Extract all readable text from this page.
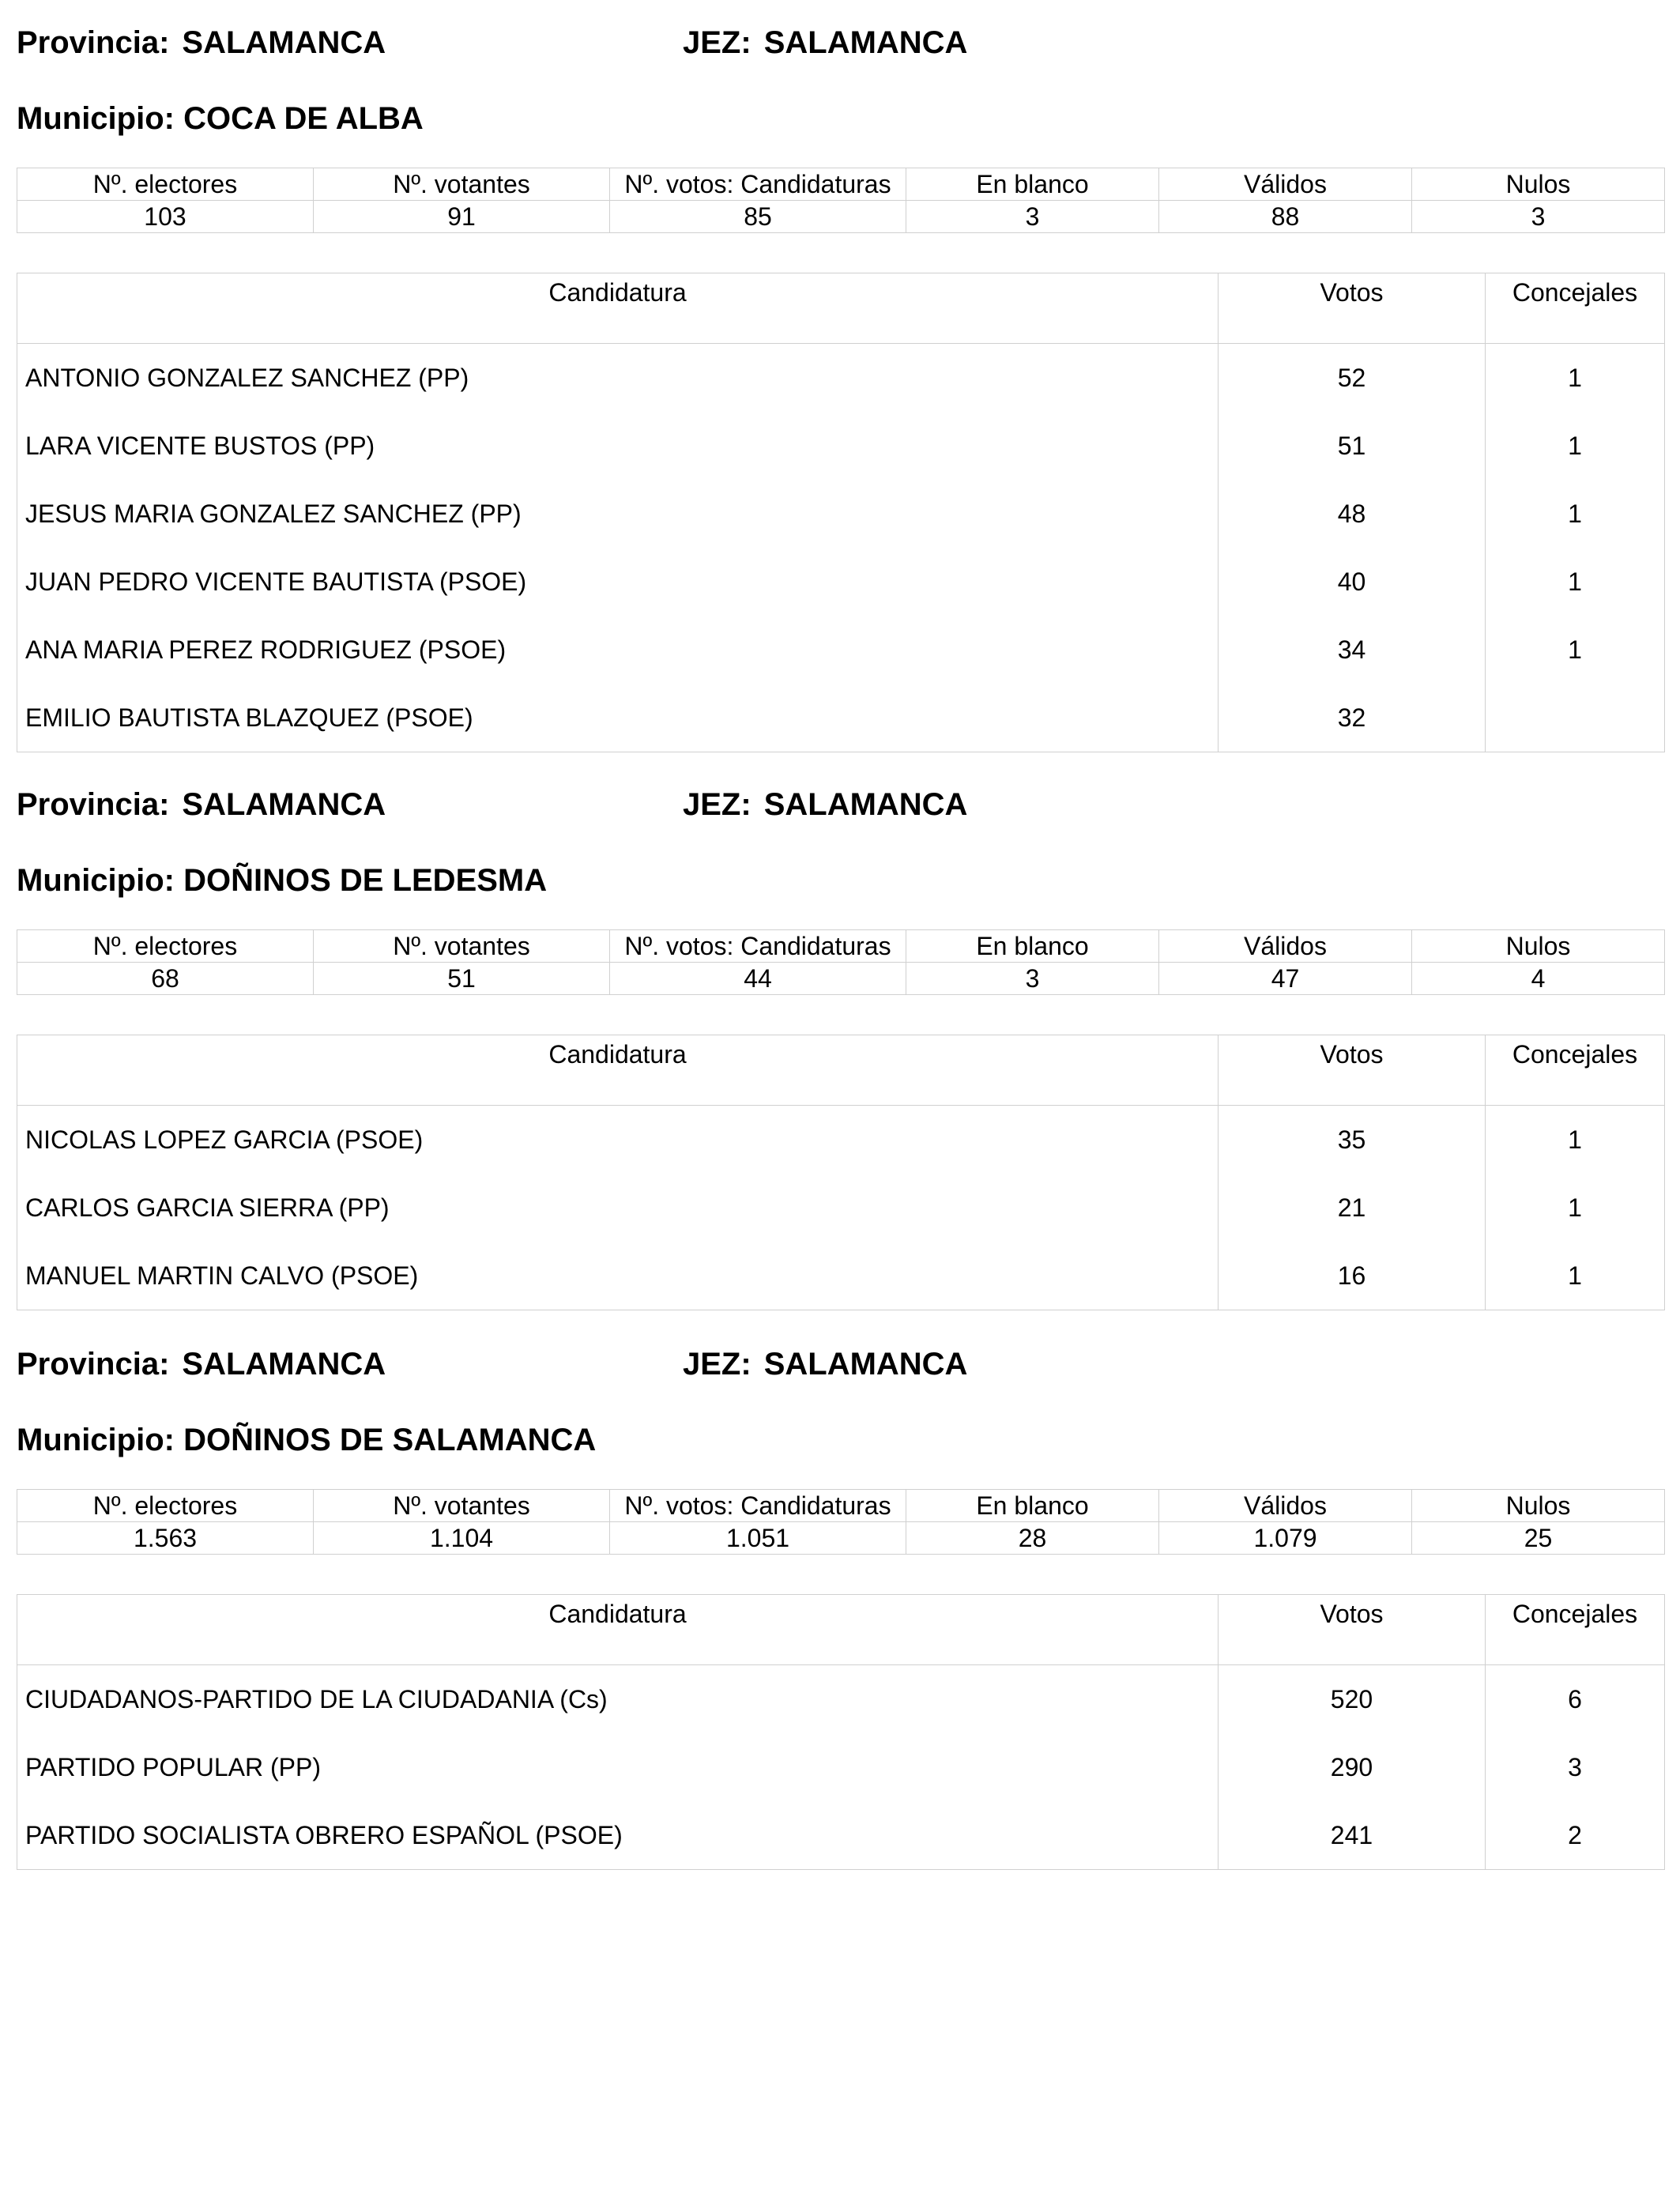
Provincia: SALAMANCA	JEZ: SALAMANCA
Municipio: COCA DE ALBA
Nº. electores	Nº. votantes	Nº. votos: Candidaturas	En blanco	Válidos	Nulos
103	91	85	3	88	3
Candidatura	Votos	Concejales
ANTONIO GONZALEZ SANCHEZ (PP)	52	1
LARA VICENTE BUSTOS (PP)	51	1
JESUS MARIA GONZALEZ SANCHEZ (PP)	48	1
JUAN PEDRO VICENTE BAUTISTA (PSOE)	40	1
ANA MARIA PEREZ RODRIGUEZ (PSOE)	34	1
EMILIO BAUTISTA BLAZQUEZ (PSOE)	32	
Provincia: SALAMANCA	JEZ: SALAMANCA
Municipio: DOÑINOS DE LEDESMA
Nº. electores	Nº. votantes	Nº. votos: Candidaturas	En blanco	Válidos	Nulos
68	51	44	3	47	4
Candidatura	Votos	Concejales
NICOLAS LOPEZ GARCIA (PSOE)	35	1
CARLOS GARCIA SIERRA (PP)	21	1
MANUEL MARTIN CALVO (PSOE)	16	1
Provincia: SALAMANCA	JEZ: SALAMANCA
Municipio: DOÑINOS DE SALAMANCA
Nº. electores	Nº. votantes	Nº. votos: Candidaturas	En blanco	Válidos	Nulos
1.563	1.104	1.051	28	1.079	25
Candidatura	Votos	Concejales
CIUDADANOS-PARTIDO DE LA CIUDADANIA (Cs)	520	6
PARTIDO POPULAR (PP)	290	3
PARTIDO SOCIALISTA OBRERO ESPAÑOL (PSOE)	241	2
